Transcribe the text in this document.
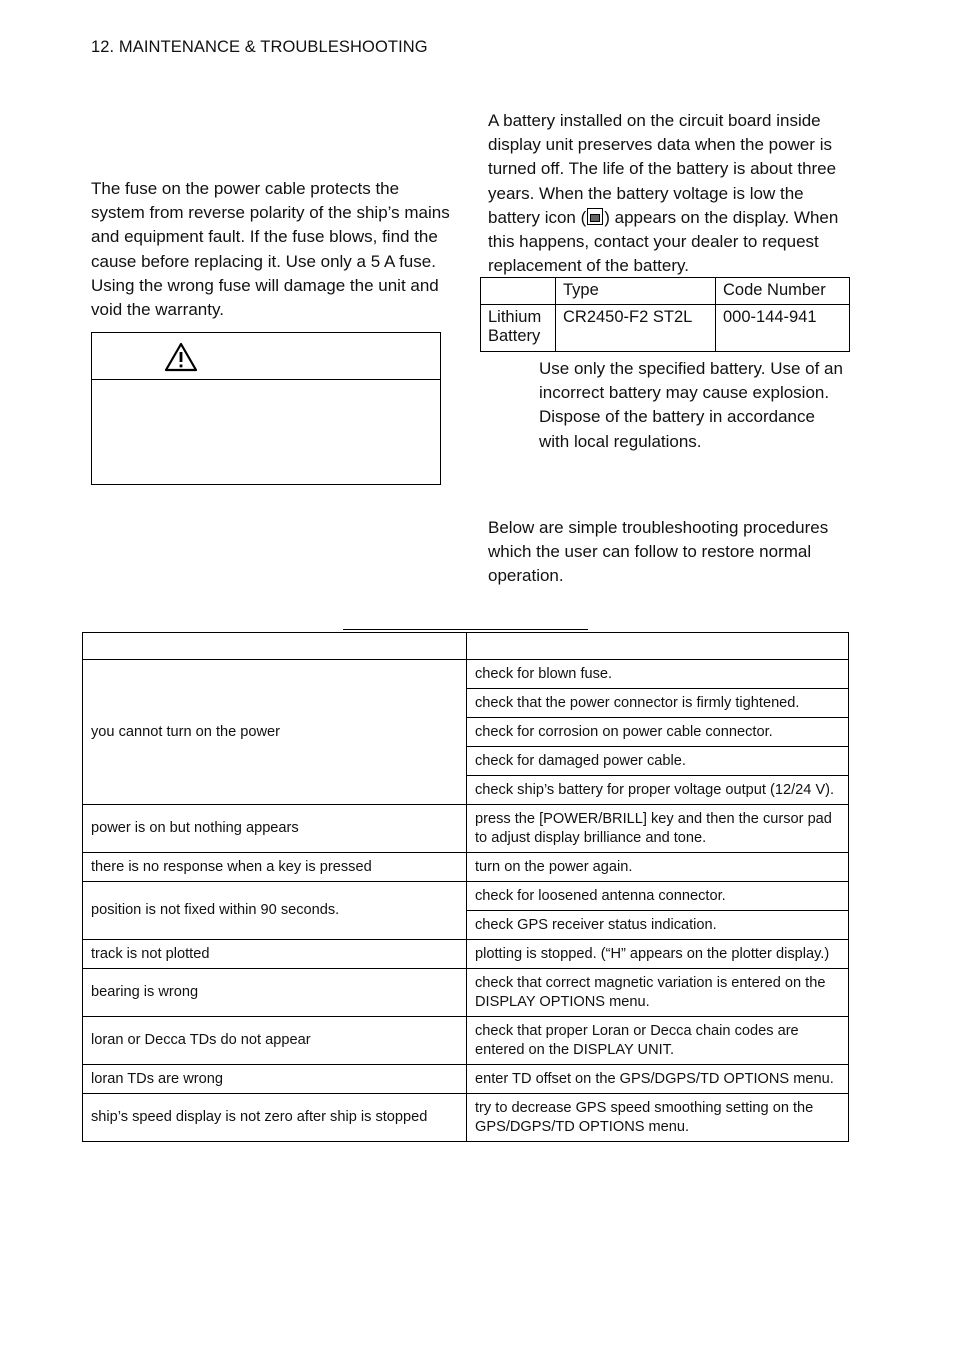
12. MAINTENANCE & TROUBLESHOOTING
The fuse on the power cable protects the system from reverse polarity of the ship’s mains and equipment fault. If the fuse blows, find the cause before replacing it. Use only a 5 A fuse. Using the wrong fuse will damage the unit and void the warranty.
A battery installed on the circuit board inside display unit preserves data when the power is turned off. The life of the battery is about three years. When the battery voltage is low the battery icon ( ) appears on the display. When this happens, contact your dealer to request replacement of the battery.
	Type	Code Number
Lithium Battery	CR2450-F2 ST2L	000-144-941
Use only the specified battery. Use of an incorrect battery may cause explosion. Dispose of the battery in accordance with local regulations.
Below are simple troubleshooting procedures which the user can follow to restore normal operation.

you cannot turn on the power	check for blown fuse.
	check that the power connector is firmly tightened.
	check for corrosion on power cable connector.
	check for damaged power cable.
	check ship’s battery for proper voltage output (12/24 V).
power is on but nothing appears	press the [POWER/BRILL] key and then the cursor pad to adjust display brilliance and tone.
there is no response when a key is pressed	turn on the power again.
position is not fixed within 90 seconds.	check for loosened antenna connector.
	check GPS receiver status indication.
track is not plotted	plotting is stopped. (“H” appears on the plotter display.)
bearing is wrong	check that correct magnetic variation is entered on the DISPLAY OPTIONS menu.
loran or Decca TDs do not appear	check that proper Loran or Decca chain codes are entered on the DISPLAY UNIT.
loran TDs are wrong	enter TD offset on the GPS/DGPS/TD OPTIONS menu.
ship’s speed display is not zero after ship is stopped	try to decrease GPS speed smoothing setting on the GPS/DGPS/TD OPTIONS menu.
